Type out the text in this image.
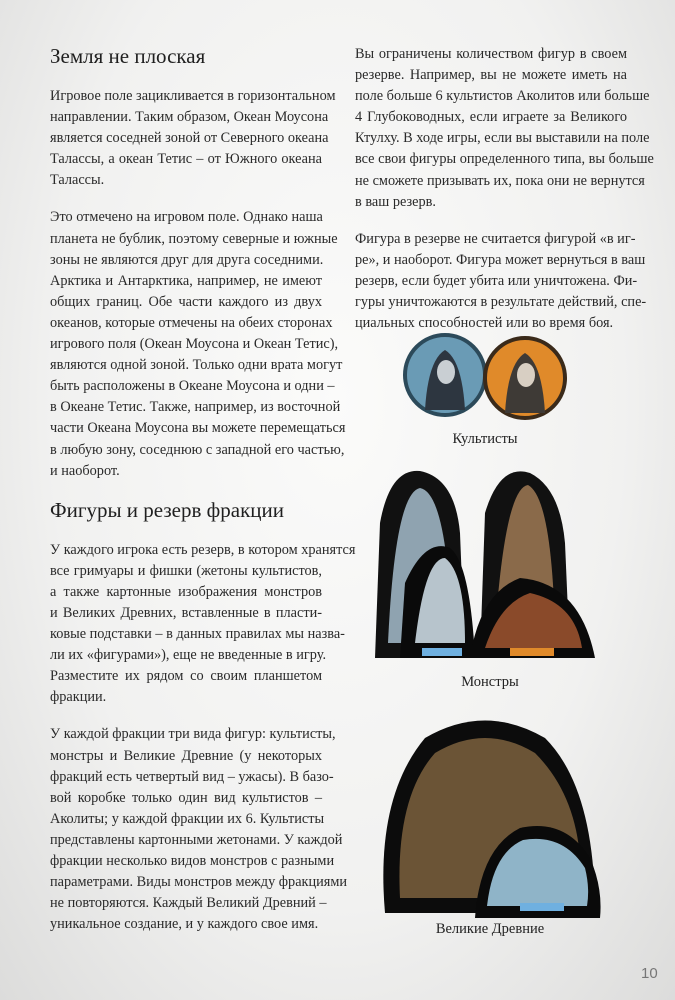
Земля не плоская
Игровое поле зацикливается в горизонтальном
направлении. Таким образом, Океан Моусона
является соседней зоной от Северного океана
Талассы, а океан Тетис – от Южного океана
Талассы.
Это отмечено на игровом поле. Однако наша
планета не бублик, поэтому северные и южные
зоны не являются друг для друга соседними.
Арктика и Антарктика, например, не имеют
общих границ. Обе части каждого из двух
океанов, которые отмечены на обеих сторонах
игрового поля (Океан Моусона и Океан Тетис),
являются одной зоной. Только одни врата могут
быть расположены в Океане Моусона и одни –
в Океане Тетис. Также, например, из восточной
части Океана Моусона вы можете перемещаться
в любую зону, соседнюю с западной его частью,
и наоборот.
Фигуры и резерв фракции
У каждого игрока есть резерв, в котором хранятся
все гримуары и фишки (жетоны культистов,
а также картонные изображения монстров
и Великих Древних, вставленные в пласти-
ковые подставки – в данных правилах мы назва-
ли их «фигурами»), еще не введенные в игру.
Разместите их рядом со своим планшетом
фракции.
У каждой фракции три вида фигур: культисты,
монстры и Великие Древние (у некоторых
фракций есть четвертый вид – ужасы). В базо-
вой коробке только один вид культистов –
Аколиты; у каждой фракции их 6. Культисты
представлены картонными жетонами. У каждой
фракции несколько видов монстров с разными
параметрами. Виды монстров между фракциями
не повторяются. Каждый Великий Древний –
уникальное создание, и у каждого свое имя.
Вы ограничены количеством фигур в своем
резерве. Например, вы не можете иметь на
поле больше 6 культистов Аколитов или больше
4 Глубоководных, если играете за Великого
Ктулху. В ходе игры, если вы выставили на поле
все свои фигуры определенного типа, вы больше
не сможете призывать их, пока они не вернутся
в ваш резерв.
Фигура в резерве не считается фигурой «в иг-
ре», и наоборот. Фигура может вернуться в ваш
резерв, если будет убита или уничтожена. Фи-
гуры уничтожаются в результате действий, спе-
циальных способностей или во время боя.
Культисты
Монстры
Великие Древние
10
